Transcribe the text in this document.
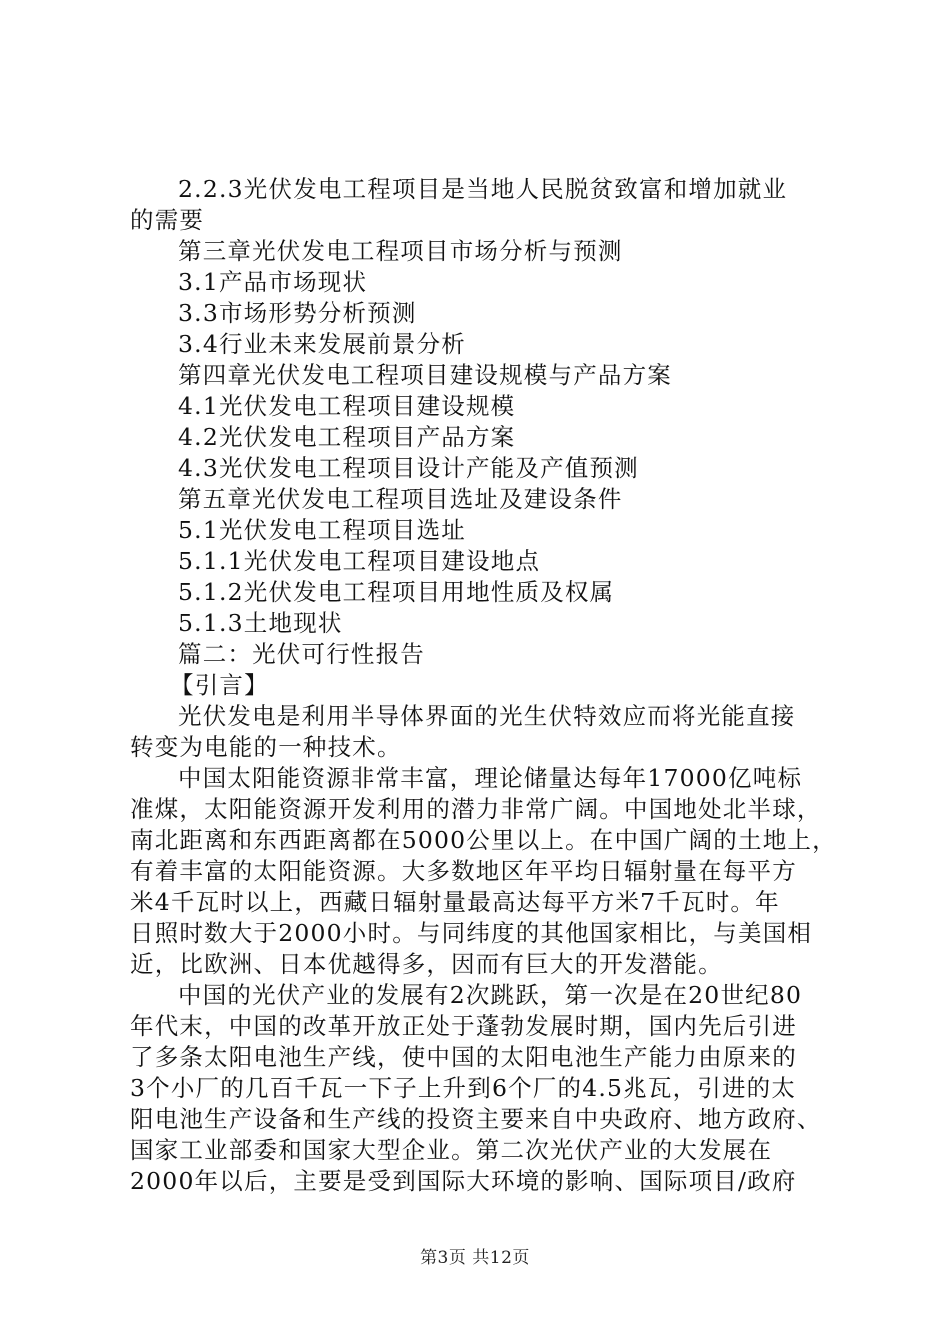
2.2.3光伏发电工程项目是当地人民脱贫致富和增加就业
的需要
第三章光伏发电工程项目市场分析与预测
3.1产品市场现状
3.3市场形势分析预测
3.4行业未来发展前景分析
第四章光伏发电工程项目建设规模与产品方案
4.1光伏发电工程项目建设规模
4.2光伏发电工程项目产品方案
4.3光伏发电工程项目设计产能及产值预测
第五章光伏发电工程项目选址及建设条件
5.1光伏发电工程项目选址
5.1.1光伏发电工程项目建设地点
5.1.2光伏发电工程项目用地性质及权属
5.1.3土地现状
篇二：光伏可行性报告
【引言】
光伏发电是利用半导体界面的光生伏特效应而将光能直接
转变为电能的一种技术。
中国太阳能资源非常丰富，理论储量达每年17000亿吨标
准煤，太阳能资源开发利用的潜力非常广阔。中国地处北半球，
南北距离和东西距离都在5000公里以上。在中国广阔的土地上，
有着丰富的太阳能资源。大多数地区年平均日辐射量在每平方
米4千瓦时以上，西藏日辐射量最高达每平方米7千瓦时。年
日照时数大于2000小时。与同纬度的其他国家相比，与美国相
近，比欧洲、日本优越得多，因而有巨大的开发潜能。
中国的光伏产业的发展有2次跳跃，第一次是在20世纪80
年代末，中国的改革开放正处于蓬勃发展时期，国内先后引进
了多条太阳电池生产线，使中国的太阳电池生产能力由原来的
3个小厂的几百千瓦一下子上升到6个厂的4.5兆瓦，引进的太
阳电池生产设备和生产线的投资主要来自中央政府、地方政府、
国家工业部委和国家大型企业。第二次光伏产业的大发展在
2000年以后，主要是受到国际大环境的影响、国际项目/政府
第3页 共12页
